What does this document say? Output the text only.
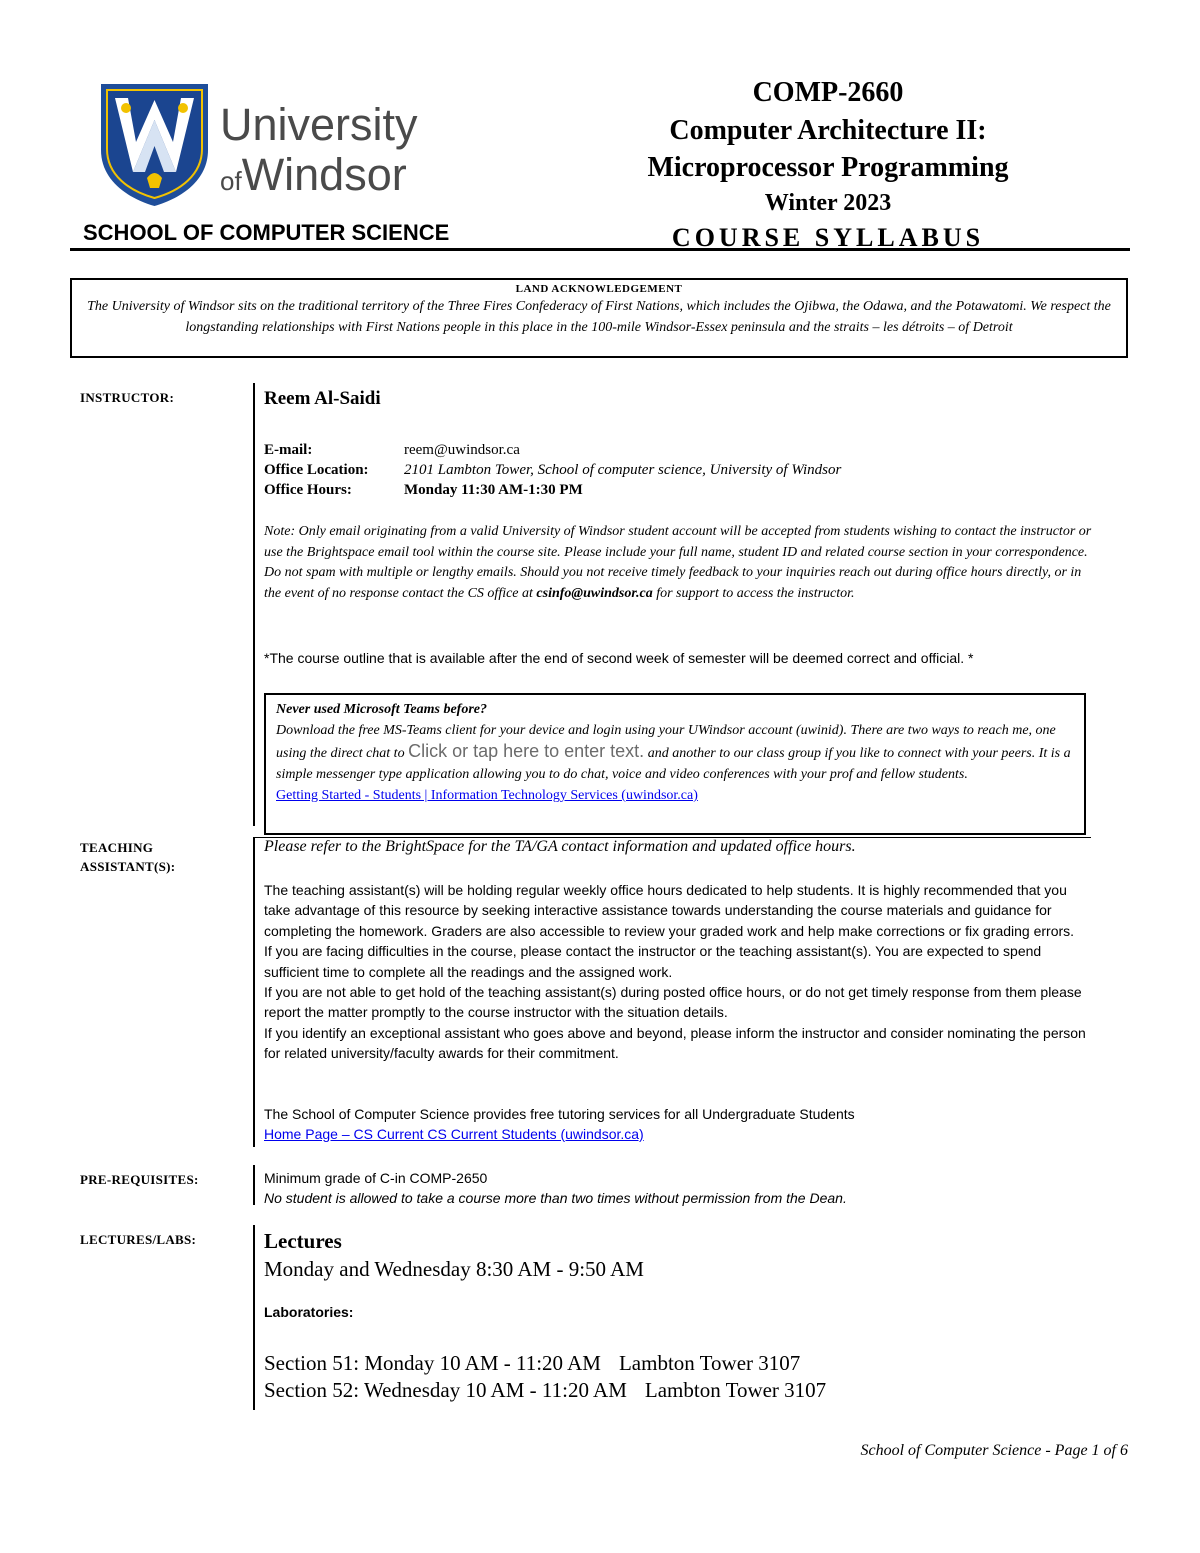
University
ofWindsor
SCHOOL OF COMPUTER SCIENCE
COMP-2660
Computer Architecture II:
Microprocessor Programming
Winter 2023
COURSE SYLLABUS
LAND ACKNOWLEDGEMENT
The University of Windsor sits on the traditional territory of the Three Fires Confederacy of First Nations, which includes the Ojibwa, the Odawa, and the Potawatomi. We respect the longstanding relationships with First Nations people in this place in the 100-mile Windsor-Essex peninsula and the straits – les détroits – of Detroit
INSTRUCTOR:
TEACHING
ASSISTANT(S):
PRE-REQUISITES:
LECTURES/LABS:
Reem Al-Saidi
E-mail:	reem@uwindsor.ca
Office Location: 2101 Lambton Tower, School of computer science, University of Windsor
Office Hours:	Monday 11:30 AM-1:30 PM
Note: Only email originating from a valid University of Windsor student account will be accepted from students wishing to contact the instructor or use the Brightspace email tool within the course site. Please include your full name, student ID and related course section in your correspondence. Do not spam with multiple or lengthy emails. Should you not receive timely feedback to your inquiries reach out during office hours directly, or in the event of no response contact the CS office at csinfo@uwindsor.ca for support to access the instructor.
*The course outline that is available after the end of second week of semester will be deemed correct and official. *
Never used Microsoft Teams before?
Download the free MS-Teams client for your device and login using your UWindsor account (uwinid). There are two ways to reach me, one using the direct chat to Click or tap here to enter text. and another to our class group if you like to connect with your peers. It is a simple messenger type application allowing you to do chat, voice and video conferences with your prof and fellow students.
Getting Started - Students | Information Technology Services (uwindsor.ca)
Please refer to the BrightSpace for the TA/GA contact information and updated office hours.

The teaching assistant(s) will be holding regular weekly office hours dedicated to help students. It is highly recommended that you take advantage of this resource by seeking interactive assistance towards understanding the course materials and guidance for completing the homework. Graders are also accessible to review your graded work and help make corrections or fix grading errors.

If you are facing difficulties in the course, please contact the instructor or the teaching assistant(s). You are expected to spend sufficient time to complete all the readings and the assigned work.

If you are not able to get hold of the teaching assistant(s) during posted office hours, or do not get timely response from them please report the matter promptly to the course instructor with the situation details.

If you identify an exceptional assistant who goes above and beyond, please inform the instructor and consider nominating the person for related university/faculty awards for their commitment.

The School of Computer Science provides free tutoring services for all Undergraduate Students
Home Page – CS Current CS Current Students (uwindsor.ca)
Minimum grade of C-in COMP-2650
No student is allowed to take a course more than two times without permission from the Dean.
Lectures
Monday and Wednesday 8:30 AM - 9:50 AM
Laboratories:
Section 51: Monday 10 AM - 11:20 AM Lambton Tower 3107
Section 52: Wednesday 10 AM - 11:20 AM Lambton Tower 3107
School of Computer Science - Page 1 of 6
